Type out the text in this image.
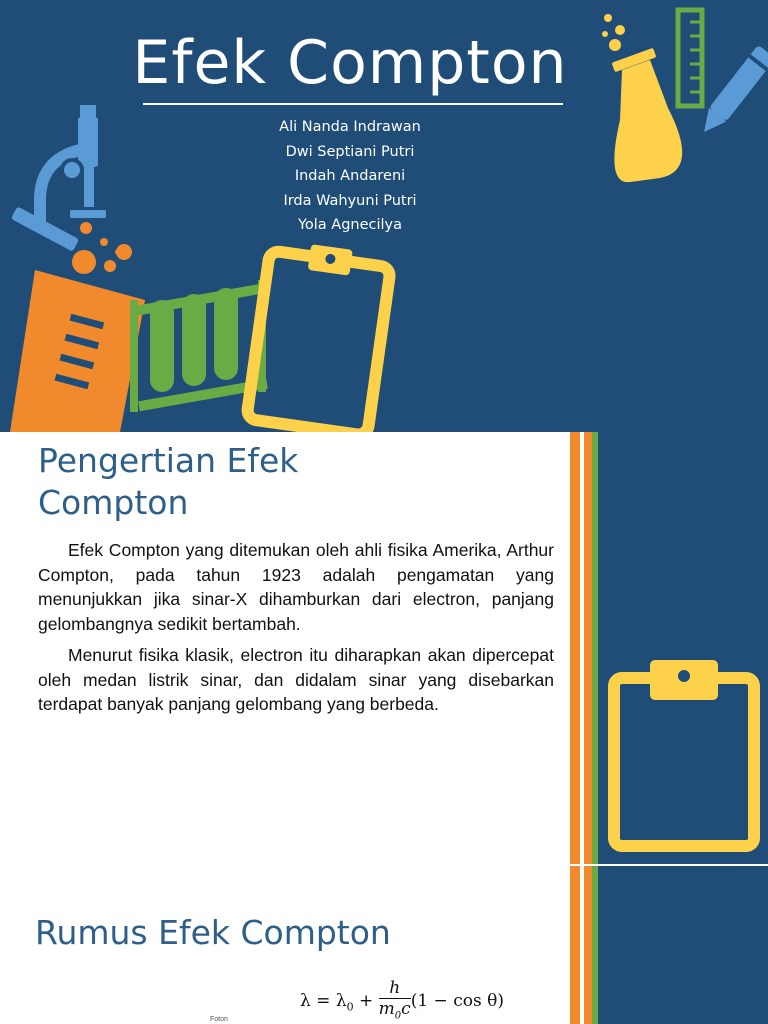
Efek Compton
Ali Nanda Indrawan
Dwi Septiani Putri
Indah Andareni
Irda Wahyuni Putri
Yola Agnecilya
Pengertian Efek Compton

Efek Compton yang ditemukan oleh ahli fisika Amerika, Arthur Compton, pada tahun 1923 adalah pengamatan yang menunjukkan jika sinar-X dihamburkan dari electron, panjang gelombangnya sedikit bertambah.

Menurut fisika klasik, electron itu diharapkan akan dipercepat oleh medan listrik sinar, dan didalam sinar yang disebarkan terdapat banyak panjang gelombang yang berbeda.

Rumus Efek Compton
$\lambda = \lambda_0 + \frac{h}{m_0c} (1 - \cos \theta)$
Foton
